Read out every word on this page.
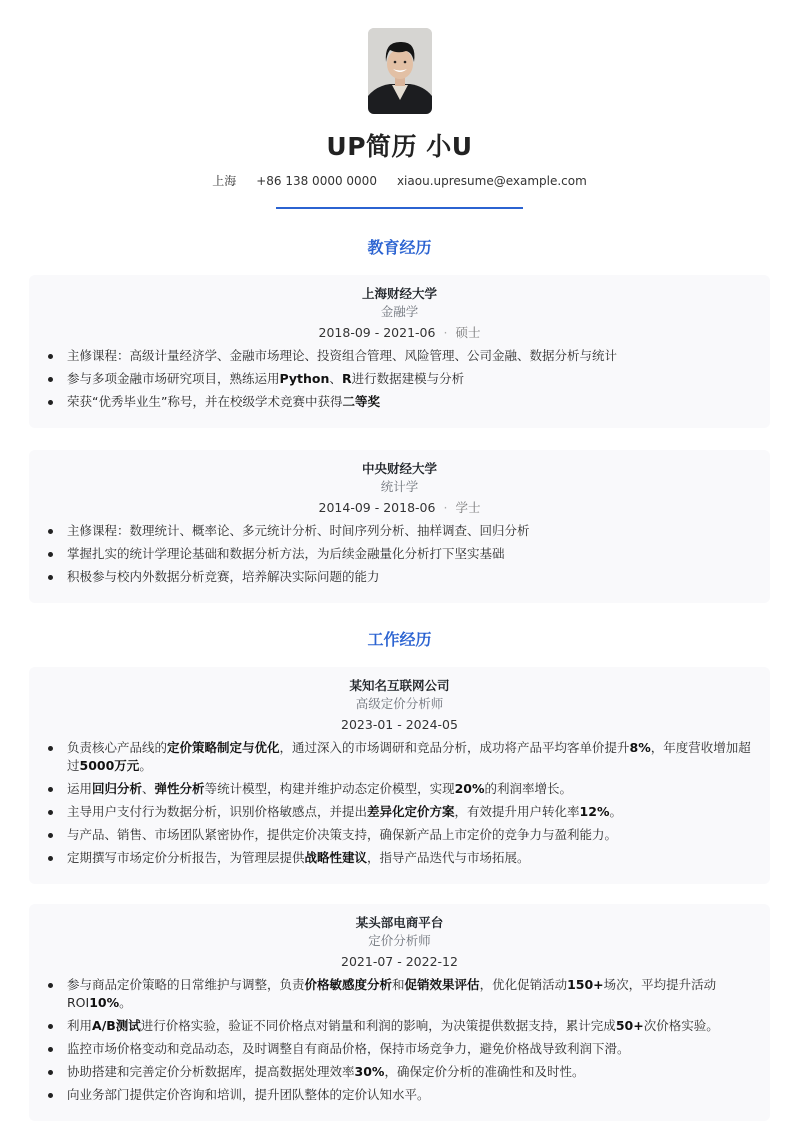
UP简历 小U
上海 +86 138 0000 0000 xiaou.upresume@example.com
教育经历
上海财经大学
金融学
2018-09 - 2021-06 · 硕士
主修课程：高级计量经济学、金融市场理论、投资组合管理、风险管理、公司金融、数据分析与统计
参与多项金融市场研究项目，熟练运用Python、R进行数据建模与分析
荣获“优秀毕业生”称号，并在校级学术竞赛中获得二等奖
中央财经大学
统计学
2014-09 - 2018-06 · 学士
主修课程：数理统计、概率论、多元统计分析、时间序列分析、抽样调查、回归分析
掌握扎实的统计学理论基础和数据分析方法，为后续金融量化分析打下坚实基础
积极参与校内外数据分析竞赛，培养解决实际问题的能力
工作经历
某知名互联网公司
高级定价分析师
2023-01 - 2024-05
负责核心产品线的定价策略制定与优化，通过深入的市场调研和竞品分析，成功将产品平均客单价提升8%，年度营收增加超过5000万元。
运用回归分析、弹性分析等统计模型，构建并维护动态定价模型，实现20%的利润率增长。
主导用户支付行为数据分析，识别价格敏感点，并提出差异化定价方案，有效提升用户转化率12%。
与产品、销售、市场团队紧密协作，提供定价决策支持，确保新产品上市定价的竞争力与盈利能力。
定期撰写市场定价分析报告，为管理层提供战略性建议，指导产品迭代与市场拓展。
某头部电商平台
定价分析师
2021-07 - 2022-12
参与商品定价策略的日常维护与调整，负责价格敏感度分析和促销效果评估，优化促销活动150+场次，平均提升活动ROI10%。
利用A/B测试进行价格实验，验证不同价格点对销量和利润的影响，为决策提供数据支持，累计完成50+次价格实验。
监控市场价格变动和竞品动态，及时调整自有商品价格，保持市场竞争力，避免价格战导致利润下滑。
协助搭建和完善定价分析数据库，提高数据处理效率30%，确保定价分析的准确性和及时性。
向业务部门提供定价咨询和培训，提升团队整体的定价认知水平。
